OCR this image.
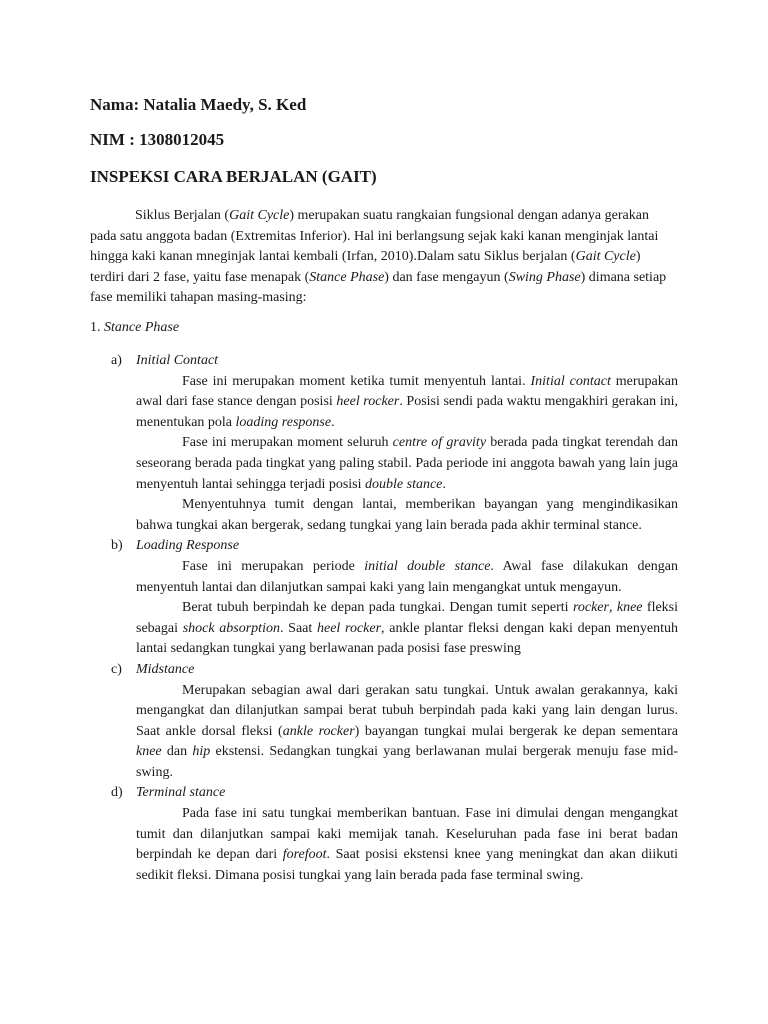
Nama: Natalia Maedy, S. Ked
NIM : 1308012045
INSPEKSI CARA BERJALAN (GAIT)
Siklus Berjalan (Gait Cycle) merupakan suatu rangkaian fungsional dengan adanya gerakan pada satu anggota badan (Extremitas Inferior). Hal ini berlangsung sejak kaki kanan menginjak lantai hingga kaki kanan mneginjak lantai kembali (Irfan, 2010).Dalam satu Siklus berjalan (Gait Cycle) terdiri dari 2 fase, yaitu fase menapak (Stance Phase) dan fase mengayun (Swing Phase) dimana setiap fase memiliki tahapan masing-masing:
1. Stance Phase
a) Initial Contact
Fase ini merupakan moment ketika tumit menyentuh lantai. Initial contact merupakan awal dari fase stance dengan posisi heel rocker. Posisi sendi pada waktu mengakhiri gerakan ini, menentukan pola loading response.
Fase ini merupakan moment seluruh centre of gravity berada pada tingkat terendah dan seseorang berada pada tingkat yang paling stabil. Pada periode ini anggota bawah yang lain juga menyentuh lantai sehingga terjadi posisi double stance.
Menyentuhnya tumit dengan lantai, memberikan bayangan yang mengindikasikan bahwa tungkai akan bergerak, sedang tungkai yang lain berada pada akhir terminal stance.
b) Loading Response
Fase ini merupakan periode initial double stance. Awal fase dilakukan dengan menyentuh lantai dan dilanjutkan sampai kaki yang lain mengangkat untuk mengayun.
Berat tubuh berpindah ke depan pada tungkai. Dengan tumit seperti rocker, knee fleksi sebagai shock absorption. Saat heel rocker, ankle plantar fleksi dengan kaki depan menyentuh lantai sedangkan tungkai yang berlawanan pada posisi fase preswing
c) Midstance
Merupakan sebagian awal dari gerakan satu tungkai. Untuk awalan gerakannya, kaki mengangkat dan dilanjutkan sampai berat tubuh berpindah pada kaki yang lain dengan lurus. Saat ankle dorsal fleksi (ankle rocker) bayangan tungkai mulai bergerak ke depan sementara knee dan hip ekstensi. Sedangkan tungkai yang berlawanan mulai bergerak menuju fase mid-swing.
d) Terminal stance
Pada fase ini satu tungkai memberikan bantuan. Fase ini dimulai dengan mengangkat tumit dan dilanjutkan sampai kaki memijak tanah. Keseluruhan pada fase ini berat badan berpindah ke depan dari forefoot. Saat posisi ekstensi knee yang meningkat dan akan diikuti sedikit fleksi. Dimana posisi tungkai yang lain berada pada fase terminal swing.
